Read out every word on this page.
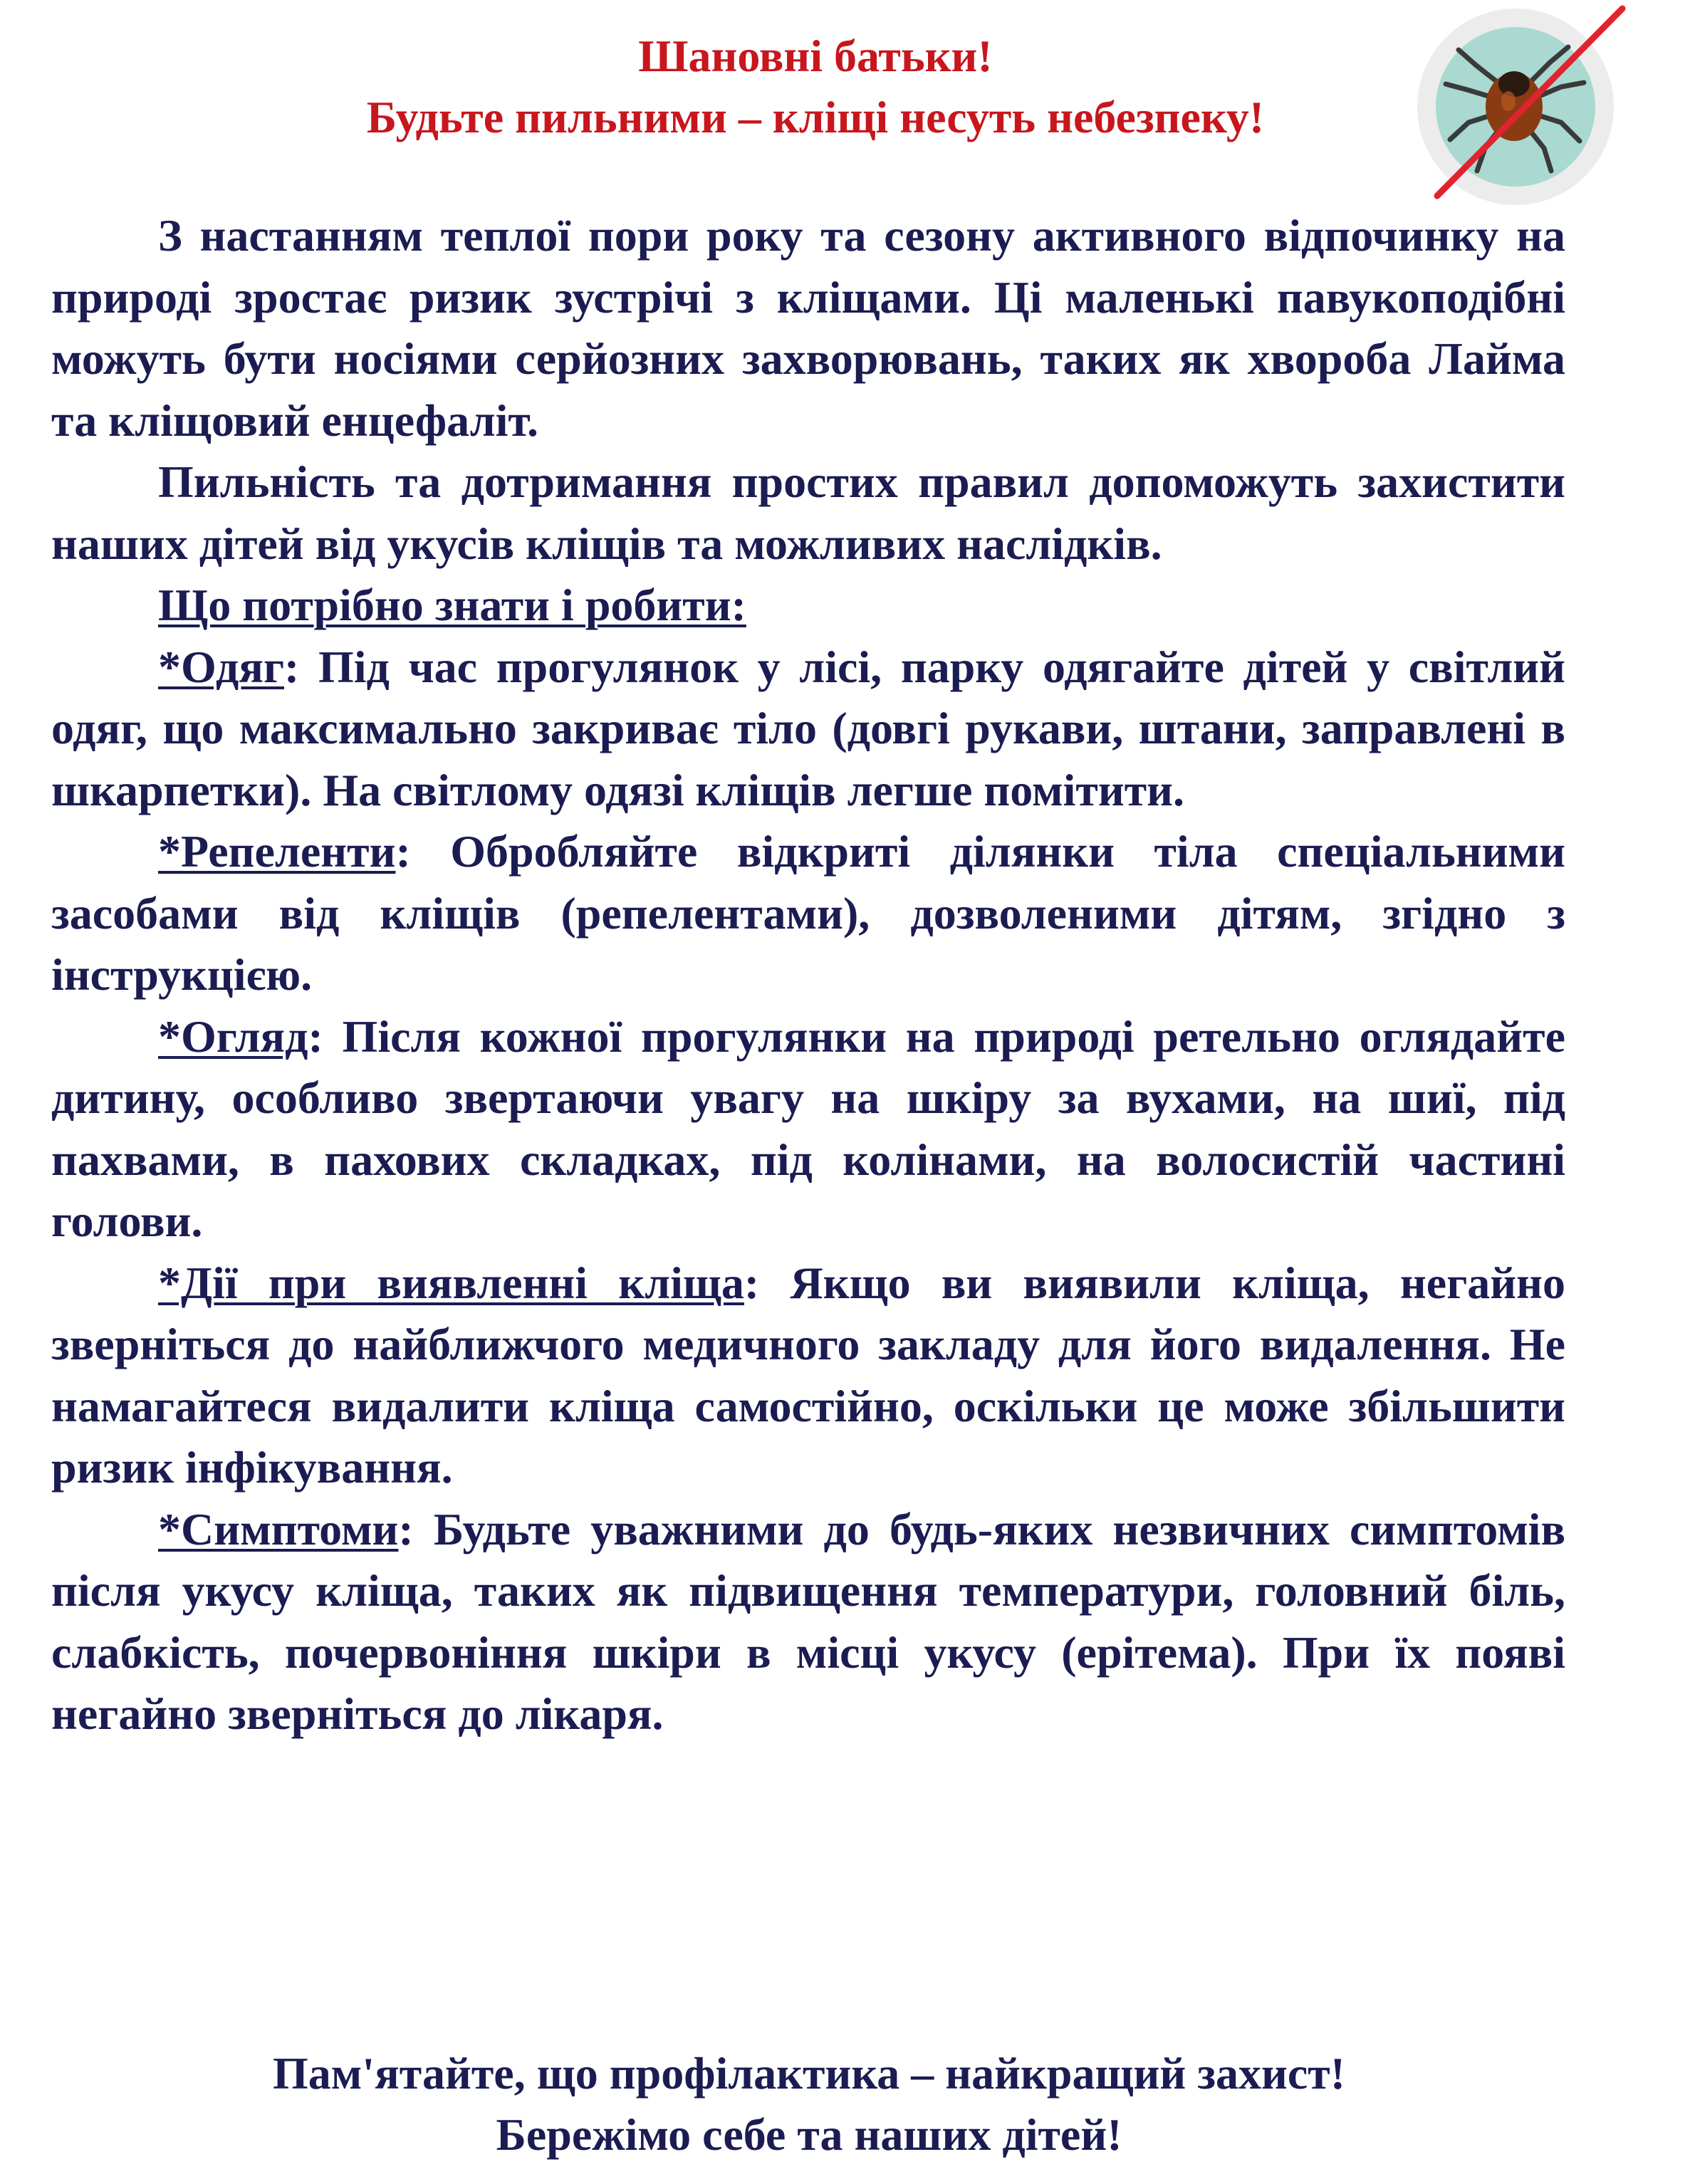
Шановні батьки!
Будьте пильними – кліщі несуть небезпеку!

З настанням теплої пори року та сезону активного відпочинку на природі зростає ризик зустрічі з кліщами. Ці маленькі павукоподібні можуть бути носіями серйозних захворювань, таких як хвороба Лайма та кліщовий енцефаліт.

Пильність та дотримання простих правил допоможуть захистити наших дітей від укусів кліщів та можливих наслідків.

Що потрібно знати і робити:

*Одяг: Під час прогулянок у лісі, парку одягайте дітей у світлий одяг, що максимально закриває тіло (довгі рукави, штани, заправлені в шкарпетки). На світлому одязі кліщів легше помітити.

*Репеленти: Обробляйте відкриті ділянки тіла спеціальними засобами від кліщів (репелентами), дозволеними дітям, згідно з інструкцією.

*Огляд: Після кожної прогулянки на природі ретельно оглядайте дитину, особливо звертаючи увагу на шкіру за вухами, на шиї, під пахвами, в пахових складках, під колінами, на волосистій частині голови.

*Дії при виявленні кліща: Якщо ви виявили кліща, негайно зверніться до найближчого медичного закладу для його видалення. Не намагайтеся видалити кліща самостійно, оскільки це може збільшити ризик інфікування.

*Симптоми: Будьте уважними до будь-яких незвичних симптомів після укусу кліща, таких як підвищення температури, головний біль, слабкість, почервоніння шкіри в місці укусу (ерітема). При їх появі негайно зверніться до лікаря.

Пам'ятайте, що профілактика – найкращий захист!
Бережімо себе та наших дітей!
